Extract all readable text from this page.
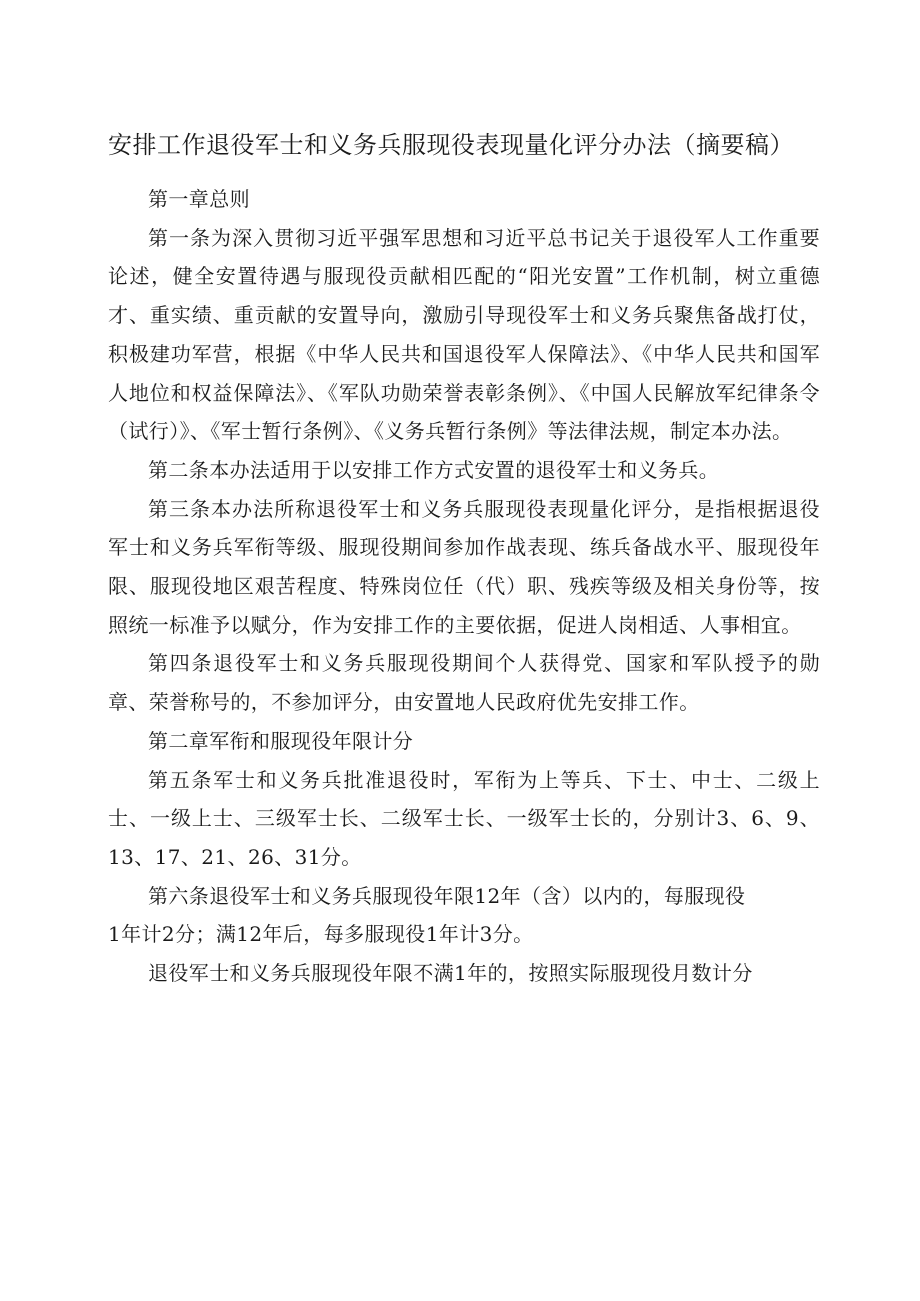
安排工作退役军士和义务兵服现役表现量化评分办法（摘要稿）

第一章总则

第一条为深入贯彻习近平强军思想和习近平总书记关于退役军人工作重要论述，健全安置待遇与服现役贡献相匹配的“阳光安置”工作机制，树立重德才、重实绩、重贡献的安置导向，激励引导现役军士和义务兵聚焦备战打仗，积极建功军营，根据《中华人民共和国退役军人保障法》、《中华人民共和国军人地位和权益保障法》、《军队功勋荣誉表彰条例》、《中国人民解放军纪律条令（试行）》、《军士暂行条例》、《义务兵暂行条例》等法律法规，制定本办法。

第二条本办法适用于以安排工作方式安置的退役军士和义务兵。

第三条本办法所称退役军士和义务兵服现役表现量化评分，是指根据退役军士和义务兵军衔等级、服现役期间参加作战表现、练兵备战水平、服现役年限、服现役地区艰苦程度、特殊岗位任（代）职、残疾等级及相关身份等，按照统一标准予以赋分，作为安排工作的主要依据，促进人岗相适、人事相宜。

第四条退役军士和义务兵服现役期间个人获得党、国家和军队授予的勋章、荣誉称号的，不参加评分，由安置地人民政府优先安排工作。

第二章军衔和服现役年限计分

第五条军士和义务兵批准退役时，军衔为上等兵、下士、中士、二级上士、一级上士、三级军士长、二级军士长、一级军士长的，分别计3、6、9、13、17、21、26、31分。

第六条退役军士和义务兵服现役年限12年（含）以内的，每服现役

1年计2分；满12年后，每多服现役1年计3分。

退役军士和义务兵服现役年限不满1年的，按照实际服现役月数计分
